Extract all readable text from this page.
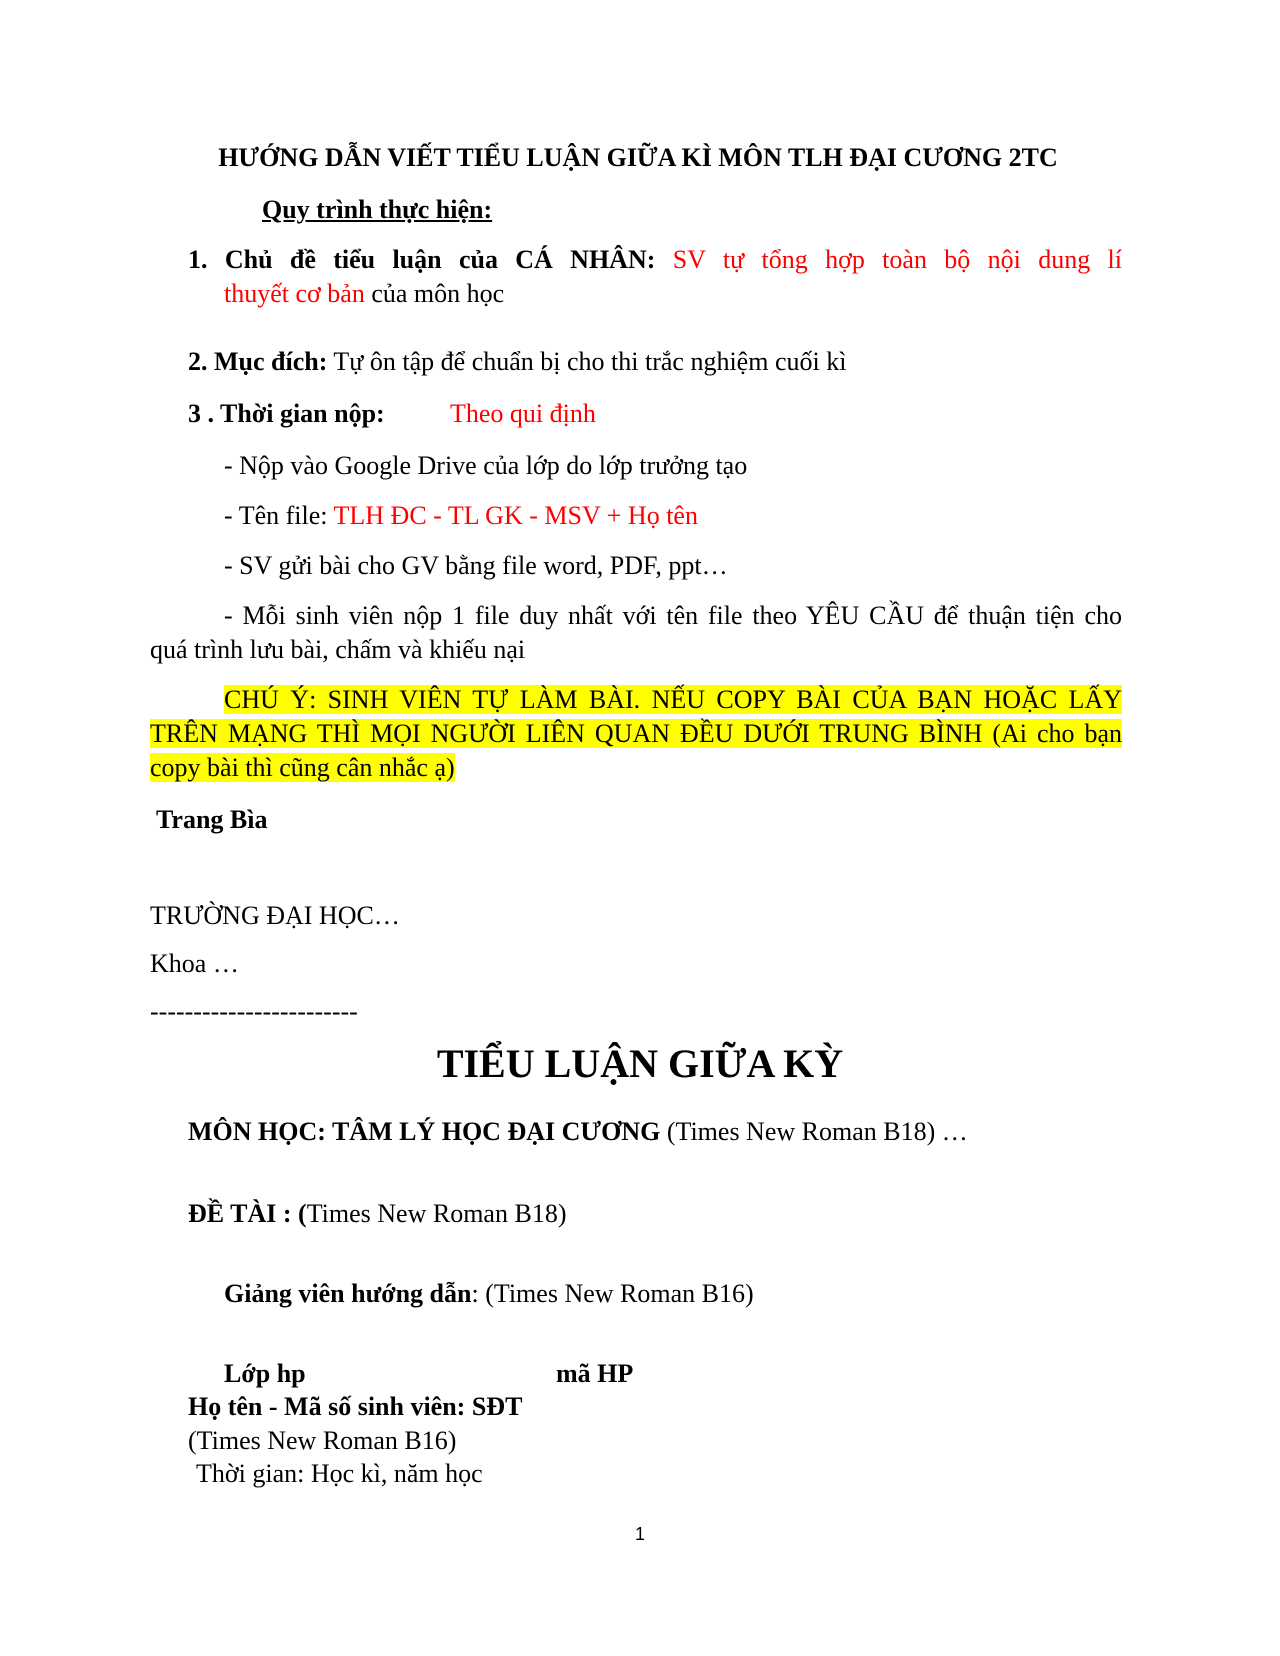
HƯỚNG DẪN VIẾT TIỂU LUẬN GIỮA KÌ MÔN TLH ĐẠI CƯƠNG 2TC
Quy trình thực hiện:
1. Chủ đề tiểu luận của CÁ NHÂN: SV tự tổng hợp toàn bộ nội dung lí
thuyết cơ bản của môn học
2. Mục đích: Tự ôn tập để chuẩn bị cho thi trắc nghiệm cuối kì
3 . Thời gian nộp:	Theo qui định
- Nộp vào Google Drive của lớp do lớp trưởng tạo
- Tên file: TLH ĐC - TL GK - MSV + Họ tên
- SV gửi bài cho GV bằng file word, PDF, ppt…
- Mỗi sinh viên nộp 1 file duy nhất với tên file theo YÊU CẦU để thuận tiện cho
quá trình lưu bài, chấm và khiếu nại
CHÚ Ý: SINH VIÊN TỰ LÀM BÀI. NẾU COPY BÀI CỦA BẠN HOẶC LẤY
TRÊN MẠNG THÌ MỌI NGƯỜI LIÊN QUAN ĐỀU DƯỚI TRUNG BÌNH (Ai cho bạn
copy bài thì cũng cân nhắc ạ)
Trang Bìa
TRƯỜNG ĐẠI HỌC…
Khoa …
------------------------
TIỂU LUẬN GIỮA KỲ
MÔN HỌC: TÂM LÝ HỌC ĐẠI CƯƠNG (Times New Roman B18) …
ĐỀ TÀI : (Times New Roman B18)
Giảng viên hướng dẫn: (Times New Roman B16)
Lớp hp	mã HP
Họ tên - Mã số sinh viên: SĐT
(Times New Roman B16)
Thời gian: Học kì, năm học
1
